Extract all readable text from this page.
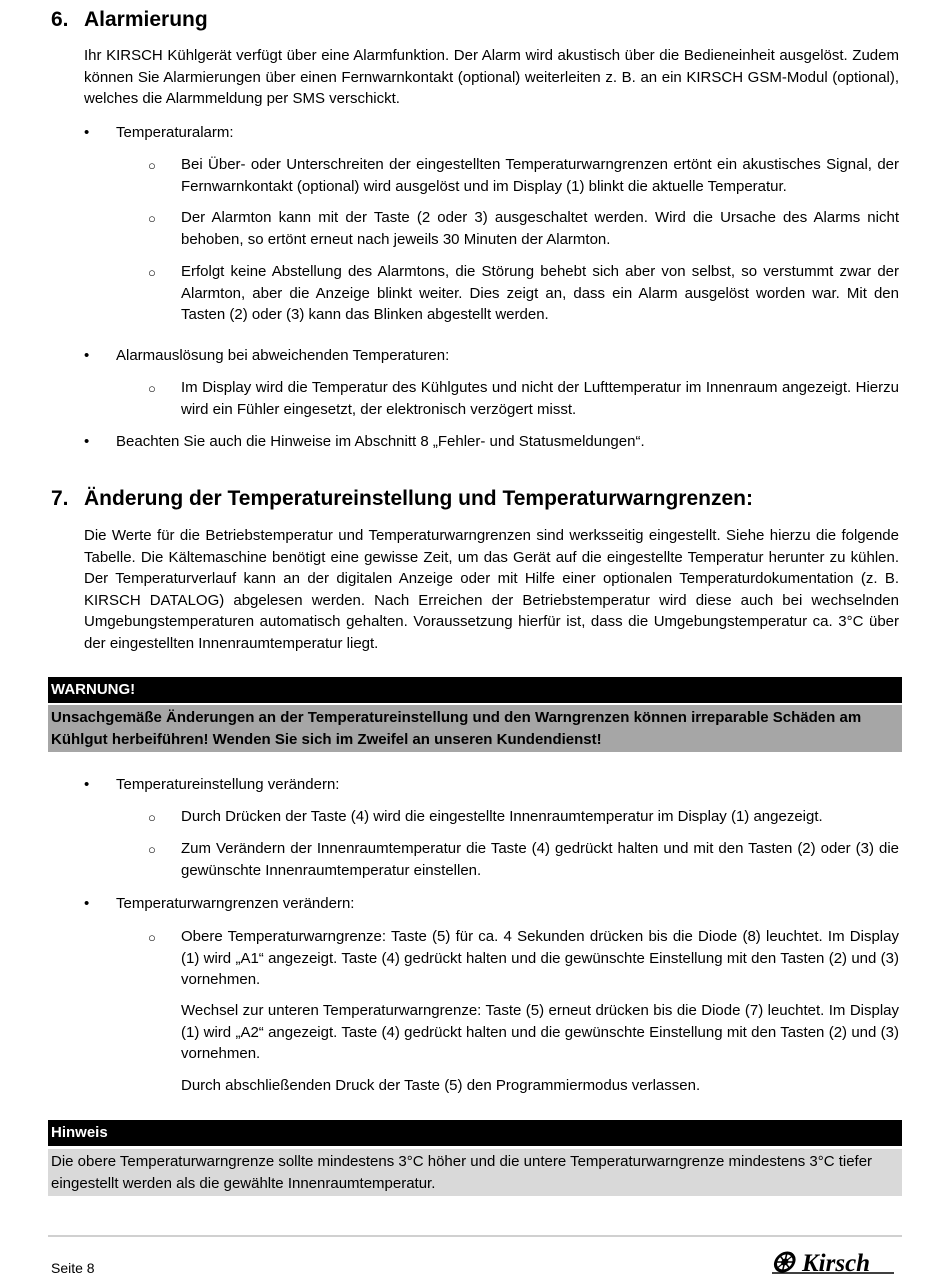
6. Alarmierung
Ihr KIRSCH Kühlgerät verfügt über eine Alarmfunktion. Der Alarm wird akustisch über die Bedieneinheit ausgelöst. Zudem können Sie Alarmierungen über einen Fernwarnkontakt (optional) weiterleiten z. B. an ein KIRSCH GSM-Modul (optional), welches die Alarmmeldung per SMS verschickt.
• Temperaturalarm:
○ Bei Über- oder Unterschreiten der eingestellten Temperaturwarngrenzen ertönt ein akustisches Signal, der Fernwarnkontakt (optional) wird ausgelöst und im Display (1) blinkt die aktuelle Temperatur.
○ Der Alarmton kann mit der Taste (2 oder 3) ausgeschaltet werden. Wird die Ursache des Alarms nicht behoben, so ertönt erneut nach jeweils 30 Minuten der Alarmton.
○ Erfolgt keine Abstellung des Alarmtons, die Störung behebt sich aber von selbst, so verstummt zwar der Alarmton, aber die Anzeige blinkt weiter. Dies zeigt an, dass ein Alarm ausgelöst worden war. Mit den Tasten (2) oder (3) kann das Blinken abgestellt werden.
• Alarmauslösung bei abweichenden Temperaturen:
○ Im Display wird die Temperatur des Kühlgutes und nicht der Lufttemperatur im Innenraum angezeigt. Hierzu wird ein Fühler eingesetzt, der elektronisch verzögert misst.
• Beachten Sie auch die Hinweise im Abschnitt 8 „Fehler- und Statusmeldungen“.
7. Änderung der Temperatureinstellung und Temperaturwarngrenzen:
Die Werte für die Betriebstemperatur und Temperaturwarngrenzen sind werksseitig eingestellt. Siehe hierzu die folgende Tabelle. Die Kältemaschine benötigt eine gewisse Zeit, um das Gerät auf die eingestellte Temperatur herunter zu kühlen. Der Temperaturverlauf kann an der digitalen Anzeige oder mit Hilfe einer optionalen Temperaturdokumentation (z. B. KIRSCH DATALOG) abgelesen werden. Nach Erreichen der Betriebstemperatur wird diese auch bei wechselnden Umgebungstemperaturen automatisch gehalten. Voraussetzung hierfür ist, dass die Umgebungstemperatur ca. 3°C über der eingestellten Innenraumtemperatur liegt.
WARNUNG!
Unsachgemäße Änderungen an der Temperatureinstellung und den Warngrenzen können irreparable Schäden am Kühlgut herbeiführen! Wenden Sie sich im Zweifel an unseren Kundendienst!
• Temperatureinstellung verändern:
○ Durch Drücken der Taste (4) wird die eingestellte Innenraumtemperatur im Display (1) angezeigt.
○ Zum Verändern der Innenraumtemperatur die Taste (4) gedrückt halten und mit den Tasten (2) oder (3) die gewünschte Innenraumtemperatur einstellen.
• Temperaturwarngrenzen verändern:
○ Obere Temperaturwarngrenze: Taste (5) für ca. 4 Sekunden drücken bis die Diode (8) leuchtet. Im Display (1) wird „A1“ angezeigt. Taste (4) gedrückt halten und die gewünschte Einstellung mit den Tasten (2) und (3) vornehmen.
Wechsel zur unteren Temperaturwarngrenze: Taste (5) erneut drücken bis die Diode (7) leuchtet. Im Display (1) wird „A2“ angezeigt. Taste (4) gedrückt halten und die gewünschte Einstellung mit den Tasten (2) und (3) vornehmen.
Durch abschließenden Druck der Taste (5) den Programmiermodus verlassen.
Hinweis
Die obere Temperaturwarngrenze sollte mindestens 3°C höher und die untere Temperaturwarngrenze mindestens 3°C tiefer eingestellt werden als die gewählte Innenraumtemperatur.
Seite 8	Kirsch
